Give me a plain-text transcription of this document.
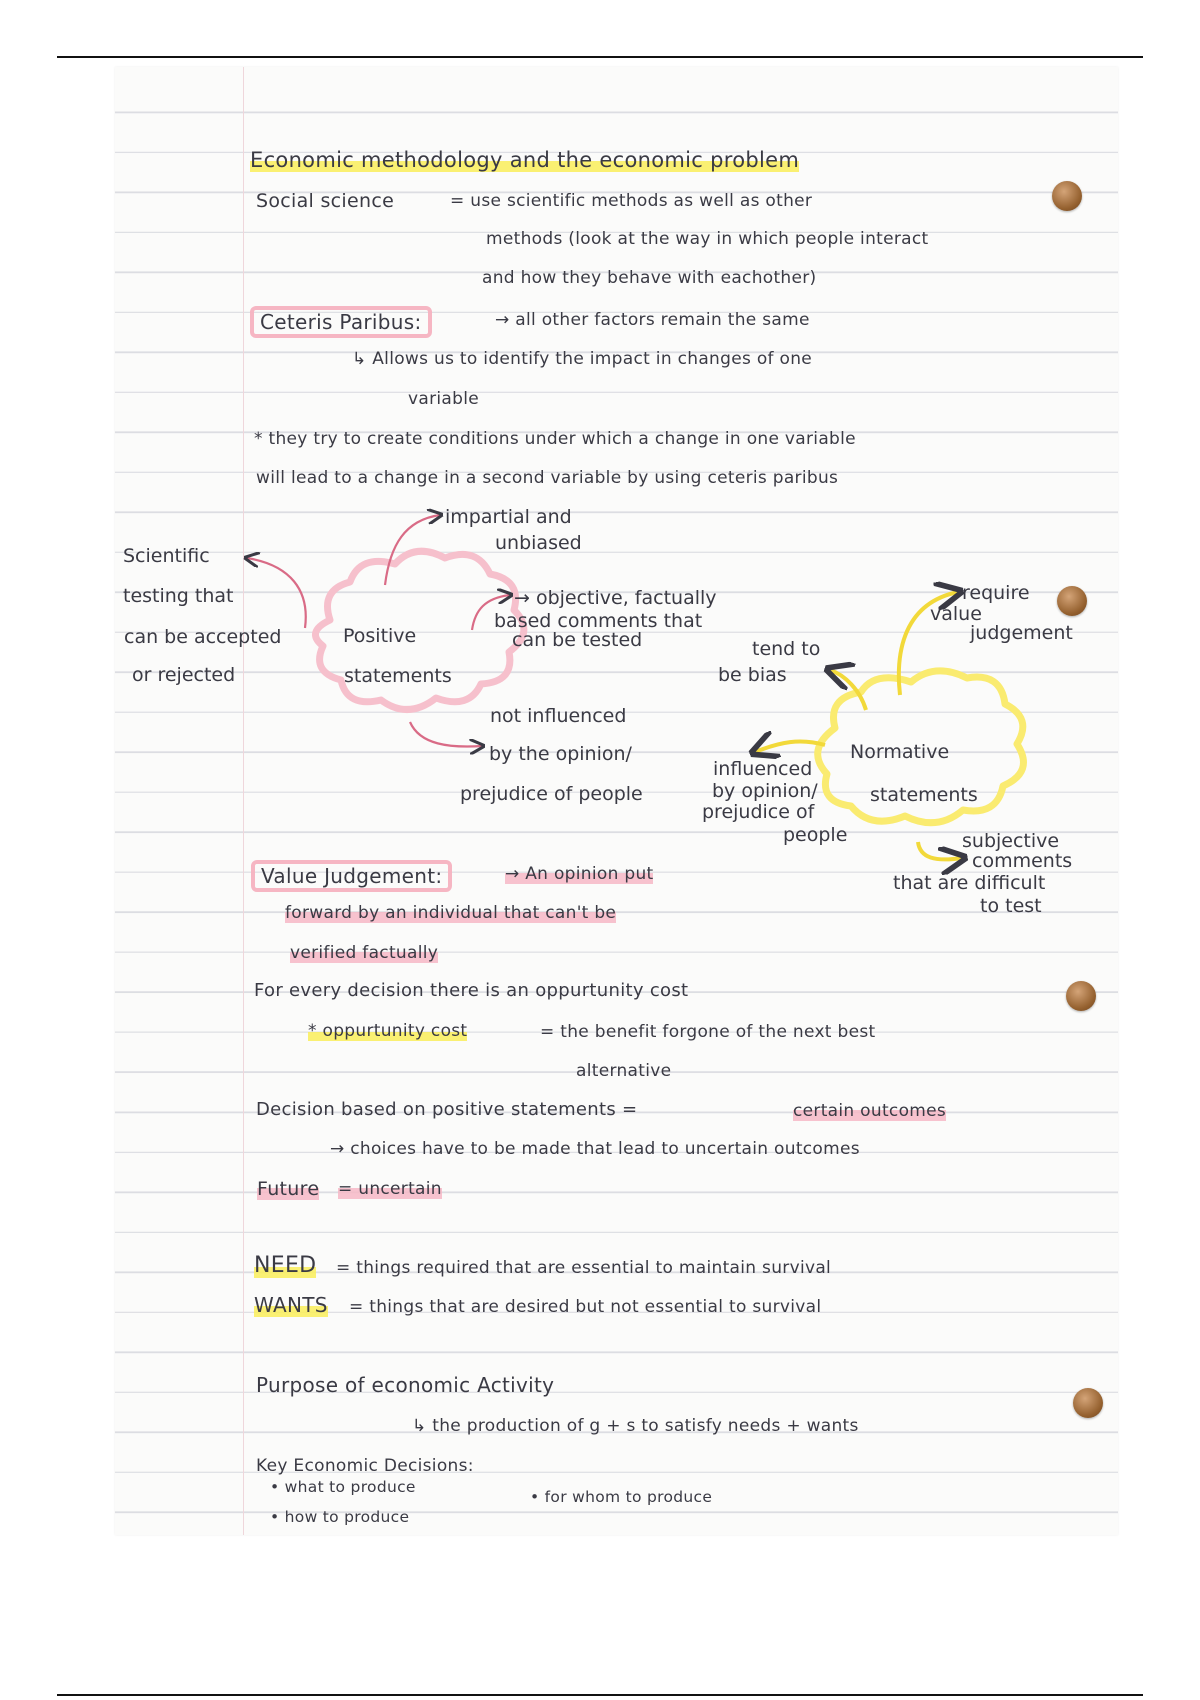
Economic methodology and the economic problem
Social science	= use scientific methods as well as other
methods (look at the way in which people interact
and how they behave with eachother)
Ceteris Paribus:	→ all other factors remain the same
↳ Allows us to identify the impact in changes of one
variable
* they try to create conditions under which a change in one variable
will lead to a change in a second variable by using ceteris paribus
impartial and
unbiased
Scientific
testing that
can be accepted
or rejected
Positive
statements
→ objective, factually
based comments that
can be tested
not influenced
by the opinion/
prejudice of people
require
value
judgement
tend to
be bias
Normative
statements
influenced
by opinion/
prejudice of
people	subjective
comments
that are difficult
to test
Value Judgement:	→ An opinion put
forward by an individual that can't be
verified factually
For every decision there is an oppurtunity cost
* oppurtunity cost	= the benefit forgone of the next best
alternative
Decision based on positive statements =	certain outcomes
→ choices have to be made that lead to uncertain outcomes
Future = uncertain
NEED = things required that are essential to maintain survival
WANTS = things that are desired but not essential to survival
Purpose of economic Activity
↳ the production of g + s to satisfy needs + wants
Key Economic Decisions:
• what to produce
• how to produce
• for whom to produce
